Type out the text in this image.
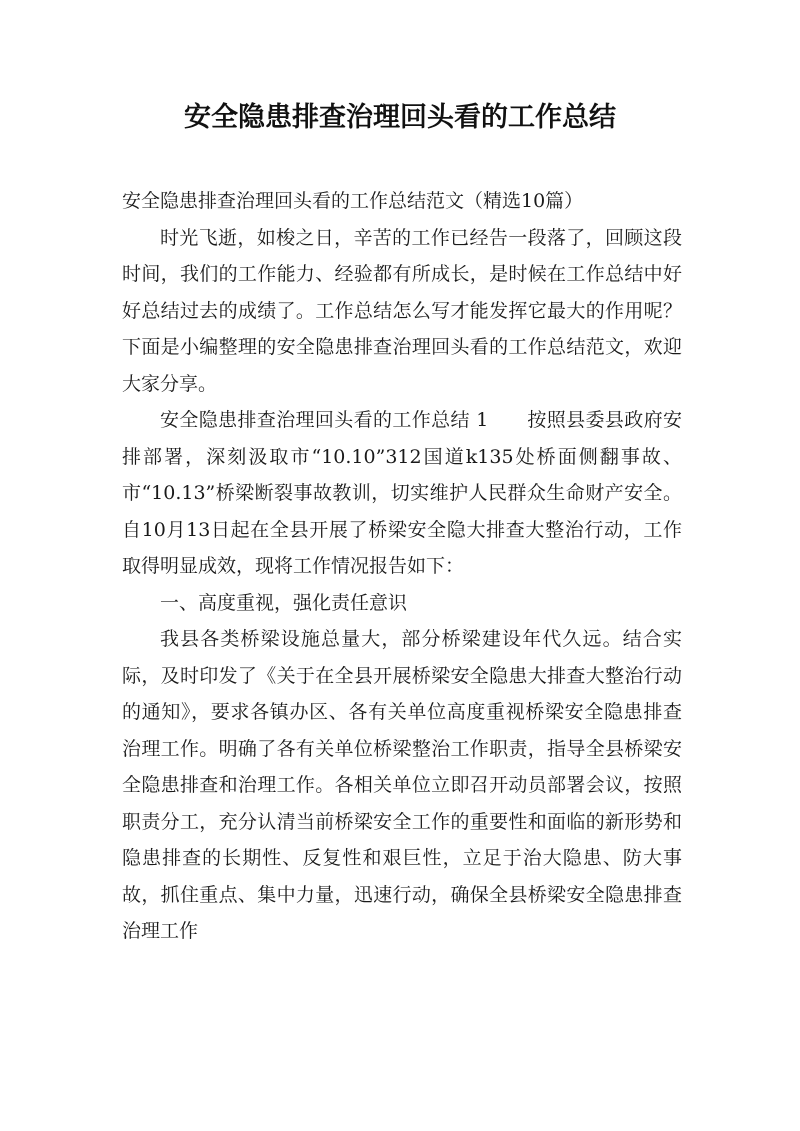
安全隐患排查治理回头看的工作总结

安全隐患排查治理回头看的工作总结范文（精选10篇）

时光飞逝，如梭之日，辛苦的工作已经告一段落了，回顾这段时间，我们的工作能力、经验都有所成长，是时候在工作总结中好好总结过去的成绩了。工作总结怎么写才能发挥它最大的作用呢？下面是小编整理的安全隐患排查治理回头看的工作总结范文，欢迎大家分享。

安全隐患排查治理回头看的工作总结 1　　按照县委县政府安排部署，深刻汲取市“10.10”312国道k135处桥面侧翻事故、市“10.13”桥梁断裂事故教训，切实维护人民群众生命财产安全。自10月13日起在全县开展了桥梁安全隐大排查大整治行动，工作取得明显成效，现将工作情况报告如下：

一、高度重视，强化责任意识

我县各类桥梁设施总量大，部分桥梁建设年代久远。结合实际，及时印发了《关于在全县开展桥梁安全隐患大排查大整治行动的通知》，要求各镇办区、各有关单位高度重视桥梁安全隐患排查治理工作。明确了各有关单位桥梁整治工作职责，指导全县桥梁安全隐患排查和治理工作。各相关单位立即召开动员部署会议，按照职责分工，充分认清当前桥梁安全工作的重要性和面临的新形势和隐患排查的长期性、反复性和艰巨性，立足于治大隐患、防大事故，抓住重点、集中力量，迅速行动，确保全县桥梁安全隐患排查治理工作
